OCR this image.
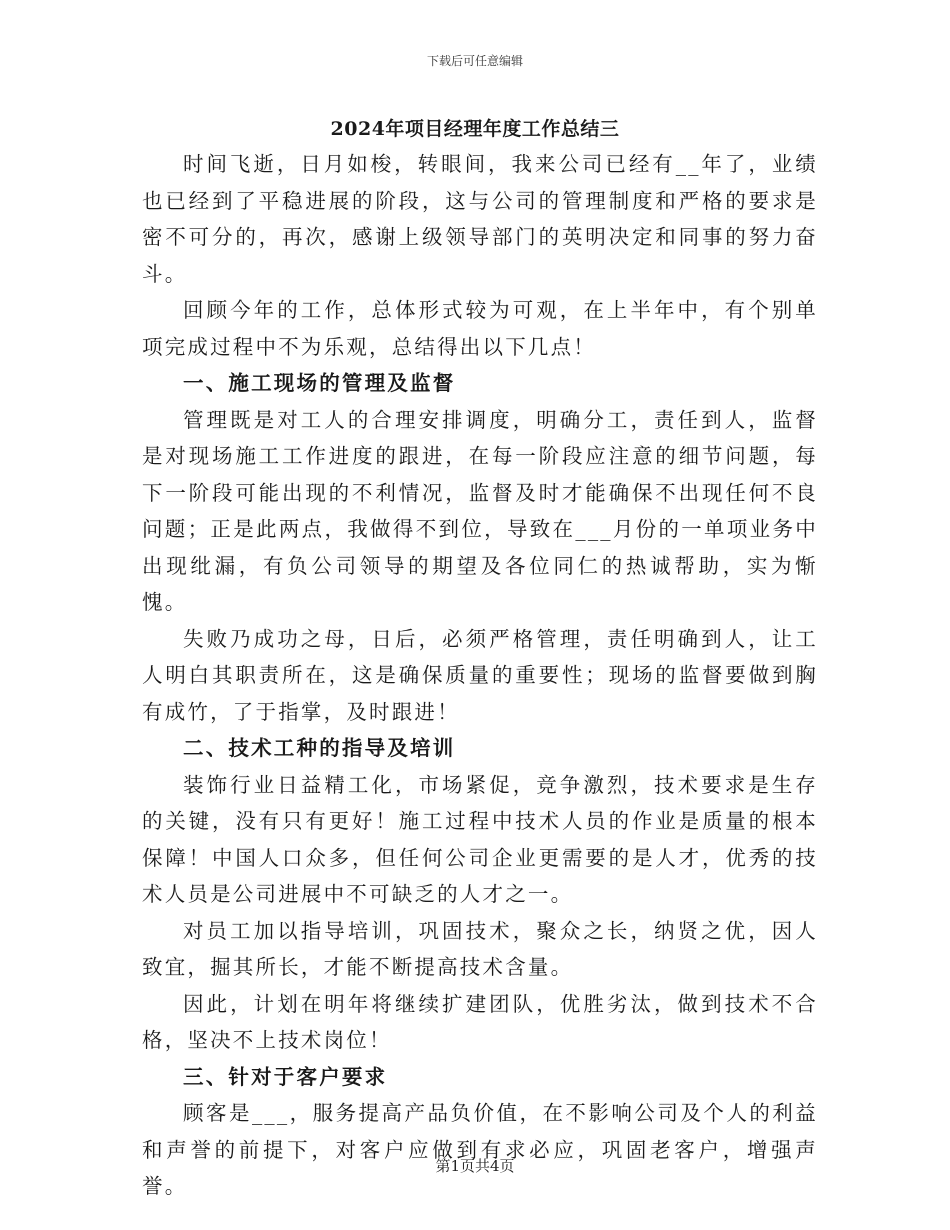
下载后可任意编辑
2024年项目经理年度工作总结三

时间飞逝，日月如梭，转眼间，我来公司已经有__年了，业绩也已经到了平稳进展的阶段，这与公司的管理制度和严格的要求是密不可分的，再次，感谢上级领导部门的英明决定和同事的努力奋斗。

回顾今年的工作，总体形式较为可观，在上半年中，有个别单项完成过程中不为乐观，总结得出以下几点！

一、施工现场的管理及监督

管理既是对工人的合理安排调度，明确分工，责任到人，监督是对现场施工工作进度的跟进，在每一阶段应注意的细节问题，每下一阶段可能出现的不利情况，监督及时才能确保不出现任何不良问题；正是此两点，我做得不到位，导致在___月份的一单项业务中出现纰漏，有负公司领导的期望及各位同仁的热诚帮助，实为惭愧。

失败乃成功之母，日后，必须严格管理，责任明确到人，让工人明白其职责所在，这是确保质量的重要性；现场的监督要做到胸有成竹，了于指掌，及时跟进！

二、技术工种的指导及培训

装饰行业日益精工化，市场紧促，竞争激烈，技术要求是生存的关键，没有只有更好！施工过程中技术人员的作业是质量的根本保障！中国人口众多，但任何公司企业更需要的是人才，优秀的技术人员是公司进展中不可缺乏的人才之一。

对员工加以指导培训，巩固技术，聚众之长，纳贤之优，因人致宜，掘其所长，才能不断提高技术含量。

因此，计划在明年将继续扩建团队，优胜劣汰，做到技术不合格，坚决不上技术岗位！

三、针对于客户要求

顾客是___，服务提高产品负价值，在不影响公司及个人的利益和声誉的前提下，对客户应做到有求必应，巩固老客户，增强声誉。

第1页共4页
